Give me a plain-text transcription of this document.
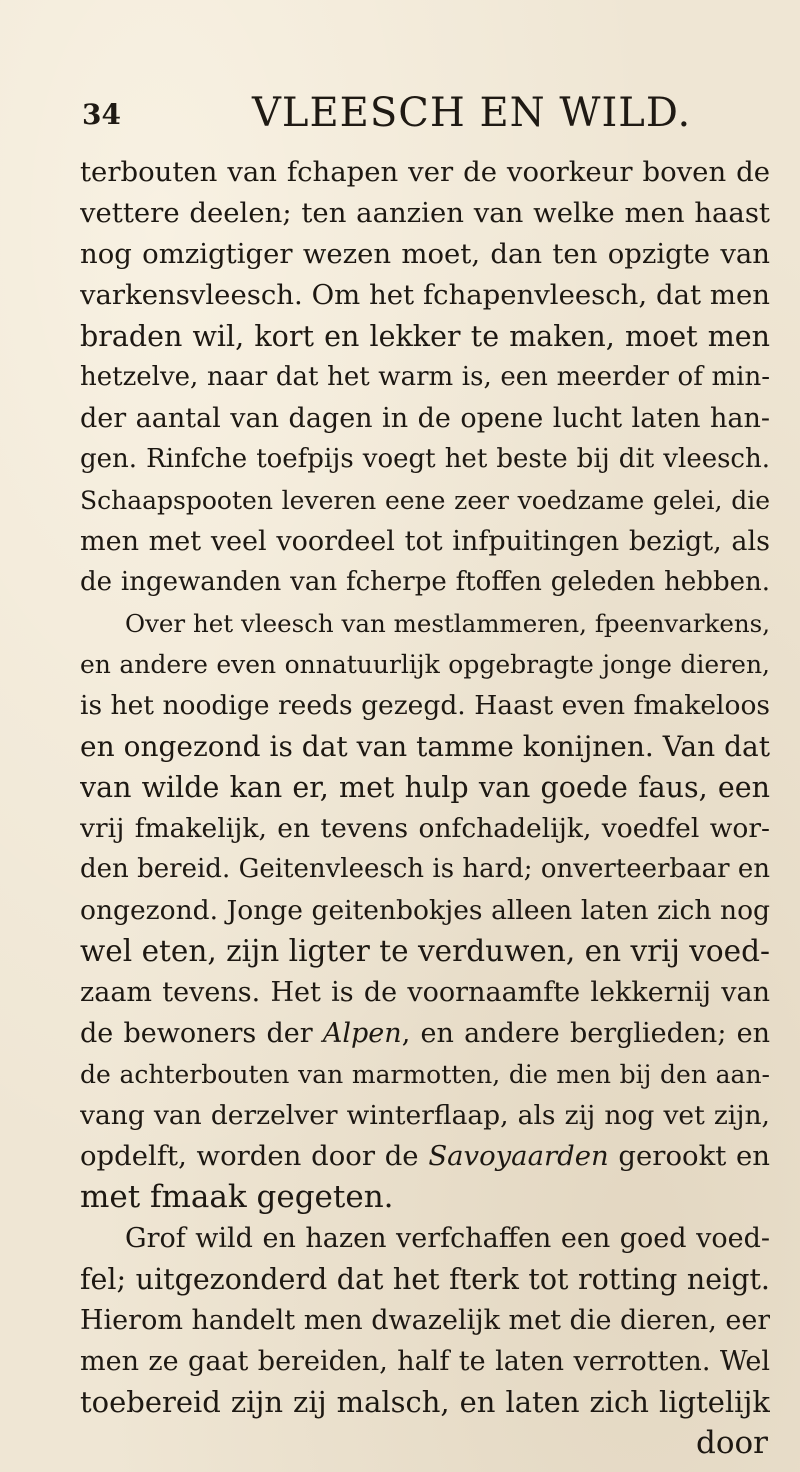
34	VLEESCH EN WILD.
terbouten van fchapen ver de voorkeur boven de
vettere deelen; ten aanzien van welke men haast
nog omzigtiger wezen moet, dan ten opzigte van
varkensvleesch. Om het fchapenvleesch, dat men
braden wil, kort en lekker te maken, moet men
hetzelve, naar dat het warm is, een meerder of min-
der aantal van dagen in de opene lucht laten han-
gen. Rinfche toefpijs voegt het beste bij dit vleesch.
Schaapspooten leveren eene zeer voedzame gelei, die
men met veel voordeel tot infpuitingen bezigt, als
de ingewanden van fcherpe ftoffen geleden hebben.
Over het vleesch van mestlammeren, fpeenvarkens,
en andere even onnatuurlijk opgebragte jonge dieren,
is het noodige reeds gezegd. Haast even fmakeloos
en ongezond is dat van tamme konijnen. Van dat
van wilde kan er, met hulp van goede faus, een
vrij fmakelijk, en tevens onfchadelijk, voedfel wor-
den bereid. Geitenvleesch is hard; onverteerbaar en
ongezond. Jonge geitenbokjes alleen laten zich nog
wel eten, zijn ligter te verduwen, en vrij voed-
zaam tevens. Het is de voornaamfte lekkernij van
de bewoners der Alpen, en andere berglieden; en
de achterbouten van marmotten, die men bij den aan-
vang van derzelver winterflaap, als zij nog vet zijn,
opdelft, worden door de Savoyaarden gerookt en
met fmaak gegeten.
Grof wild en hazen verfchaffen een goed voed-
fel; uitgezonderd dat het fterk tot rotting neigt.
Hierom handelt men dwazelijk met die dieren, eer
men ze gaat bereiden, half te laten verrotten. Wel
toebereid zijn zij malsch, en laten zich ligtelijk
door
